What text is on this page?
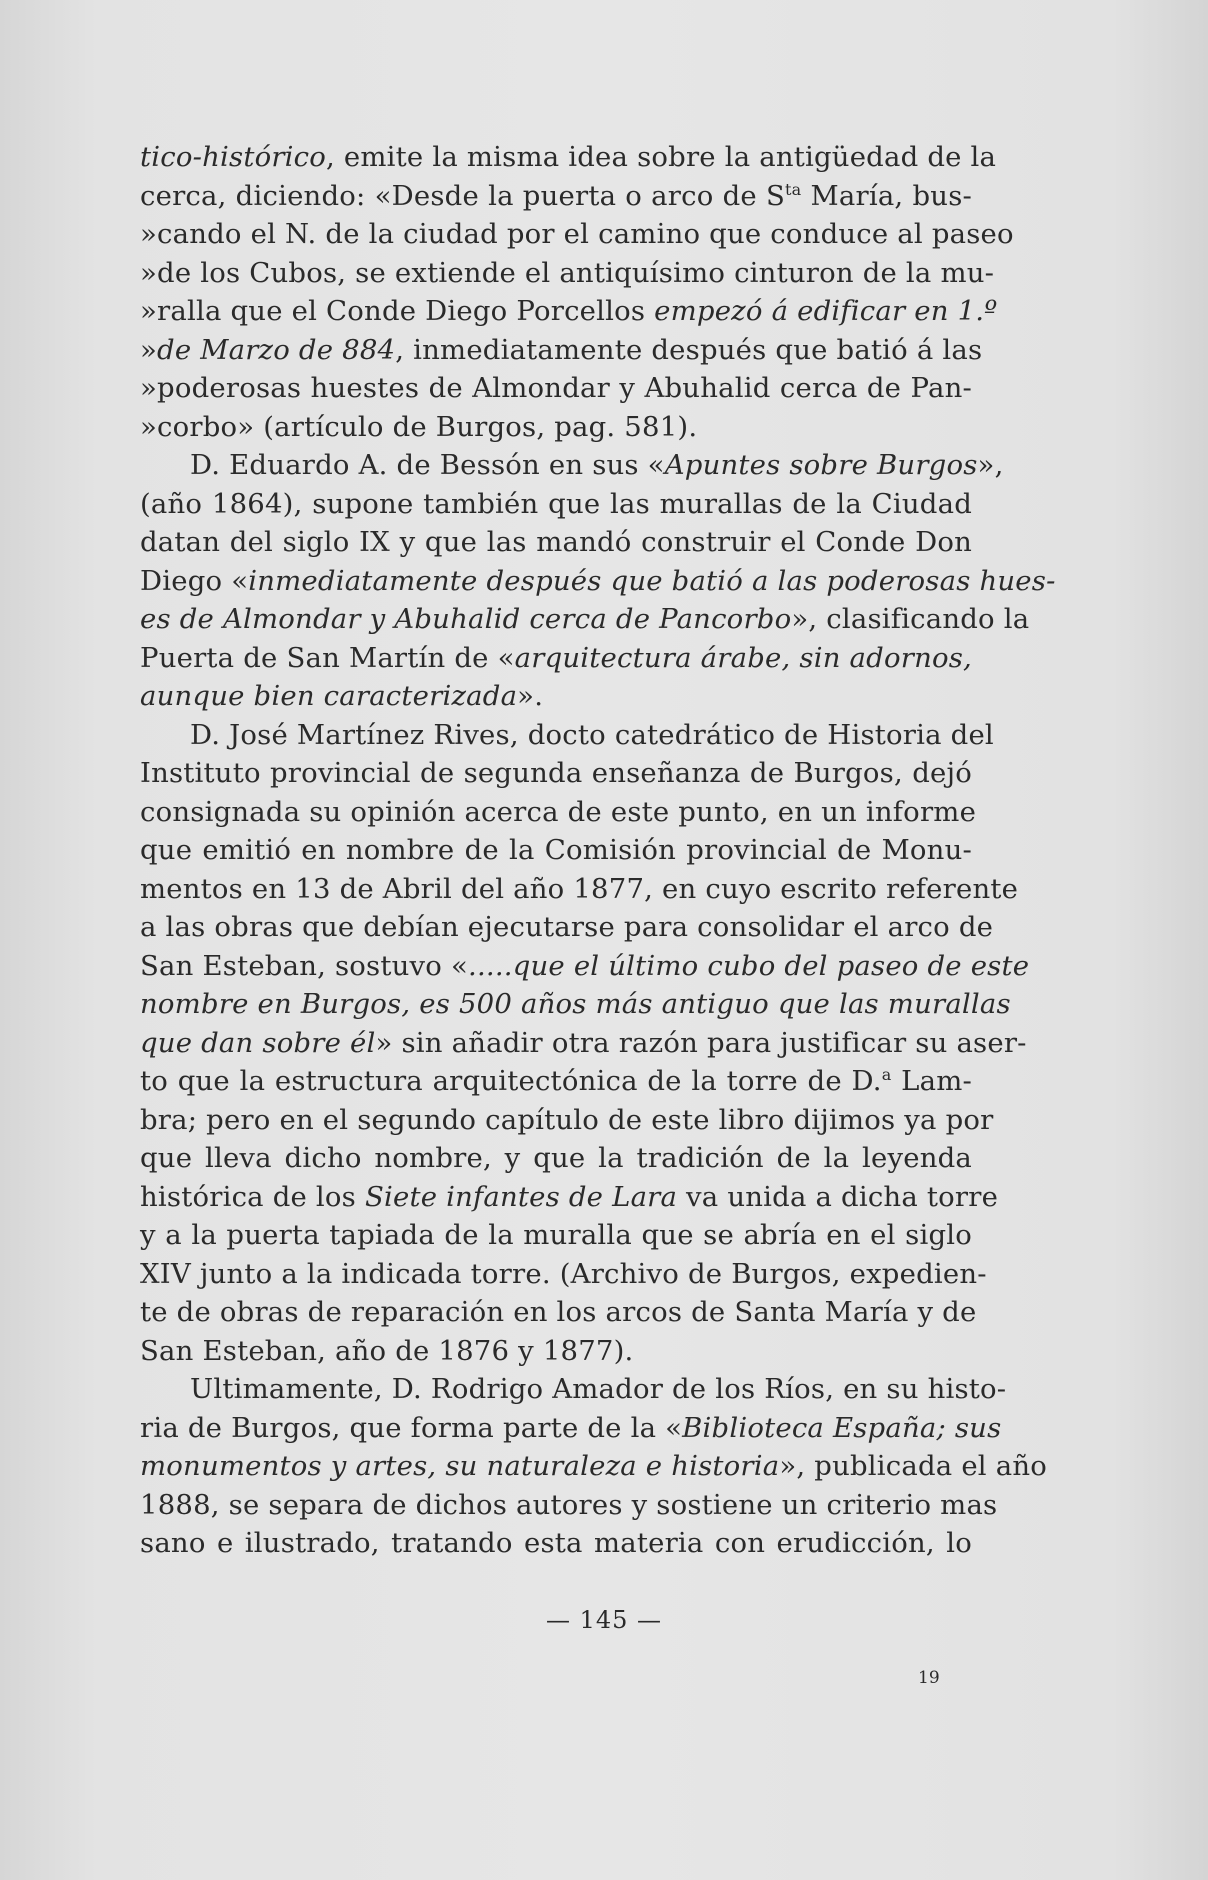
tico-histórico, emite la misma idea sobre la antigüedad de la
cerca, diciendo: «Desde la puerta o arco de $S^{ta}$ María, bus-
»cando el N. de la ciudad por el camino que conduce al paseo
»de los Cubos, se extiende el antiquísimo cinturon de la mu-
»ralla que el Conde Diego Porcellos empezó á edificar en 1.º
»de Marzo de 884, inmediatamente después que batió á las
»poderosas huestes de Almondar y Abuhalid cerca de Pan-
»corbo» (artículo de Burgos, pag. 581).
D. Eduardo A. de Bessón en sus «Apuntes sobre Burgos»,
(año 1864), supone también que las murallas de la Ciudad
datan del siglo IX y que las mandó construir el Conde Don
Diego «inmediatamente después que batió a las poderosas hues-
es de Almondar y Abuhalid cerca de Pancorbo», clasificando la
Puerta de San Martín de «arquitectura árabe, sin adornos,
aunque bien caracterizada».
D. José Martínez Rives, docto catedrático de Historia del
Instituto provincial de segunda enseñanza de Burgos, dejó
consignada su opinión acerca de este punto, en un informe
que emitió en nombre de la Comisión provincial de Monu-
mentos en 13 de Abril del año 1877, en cuyo escrito referente
a las obras que debían ejecutarse para consolidar el arco de
San Esteban, sostuvo «.....que el último cubo del paseo de este
nombre en Burgos, es 500 años más antiguo que las murallas
que dan sobre él» sin añadir otra razón para justificar su aser-
to que la estructura arquitectónica de la torre de D.$^a$ Lam-
bra; pero en el segundo capítulo de este libro dijimos ya por
que lleva dicho nombre, y que la tradición de la leyenda
histórica de los Siete infantes de Lara va unida a dicha torre
y a la puerta tapiada de la muralla que se abría en el siglo
XIV junto a la indicada torre. (Archivo de Burgos, expedien-
te de obras de reparación en los arcos de Santa María y de
San Esteban, año de 1876 y 1877).
Ultimamente, D. Rodrigo Amador de los Ríos, en su histo-
ria de Burgos, que forma parte de la «Biblioteca España; sus
monumentos y artes, su naturaleza e historia», publicada el año
1888, se separa de dichos autores y sostiene un criterio mas
sano e ilustrado, tratando esta materia con erudicción, lo
— 145 —
19
